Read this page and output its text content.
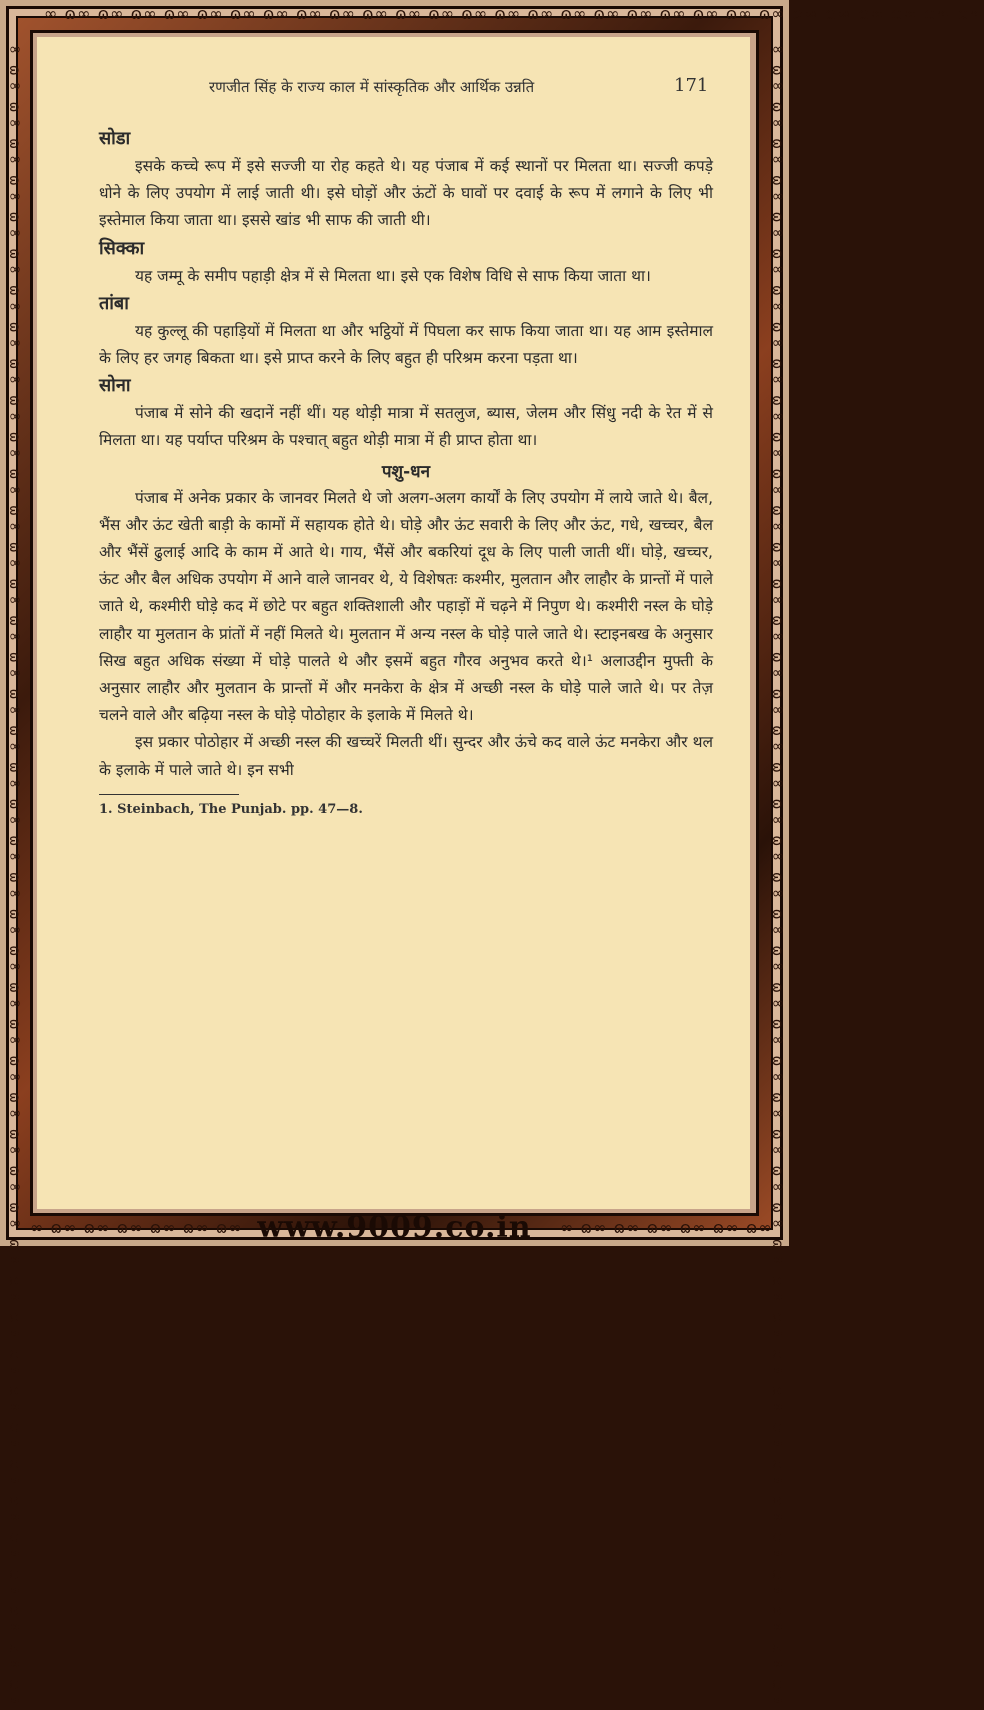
∞ ɷ∞ ɷ∞ ɷ∞ ɷ∞ ɷ∞ ɷ∞ ɷ∞ ɷ∞ ɷ∞ ɷ∞ ɷ∞ ɷ∞ ɷ∞ ɷ∞ ɷ∞ ɷ∞ ɷ∞ ɷ∞ ɷ∞ ɷ∞ ɷ∞ ɷ∞ ɷ∞ ɷ∞ ɷ∞ ɷ∞ ɷ∞ ɷ∞
∞ ɷ∞ ɷ∞ ɷ∞ ɷ∞ ɷ∞ ɷ∞ ɷ∞ ɷ∞ ɷ∞ ɷ∞ ɷ∞ ɷ∞ ɷ∞ ɷ∞ ɷ∞ ɷ∞ ɷ∞ ɷ∞ ɷ∞ ɷ∞ ɷ∞ ɷ∞ ɷ∞ ɷ∞ ɷ∞ ɷ∞ ɷ∞ ɷ∞ ɷ∞ ɷ∞ ɷ∞ ɷ∞ ɷ∞ ɷ∞ ɷ∞ ɷ∞ ɷ∞ ɷ∞ ɷ∞ ɷ∞ ɷ∞ ɷ∞ ɷ∞ ɷ∞ ɷ∞	∞ ɷ∞ ɷ∞ ɷ∞ ɷ∞ ɷ∞ ɷ∞ ɷ∞ ɷ∞ ɷ∞ ɷ∞ ɷ∞ ɷ∞ ɷ∞ ɷ∞ ɷ∞ ɷ∞ ɷ∞ ɷ∞ ɷ∞ ɷ∞ ɷ∞ ɷ∞ ɷ∞ ɷ∞ ɷ∞ ɷ∞ ɷ∞ ɷ∞ ɷ∞ ɷ∞ ɷ∞ ɷ∞ ɷ∞ ɷ∞ ɷ∞ ɷ∞ ɷ∞ ɷ∞ ɷ∞ ɷ∞ ɷ∞ ɷ∞ ɷ∞ ɷ∞ ɷ∞
∞ ɷ∞ ɷ∞ ɷ∞ ɷ∞ ɷ∞ ɷ∞	∞ ɷ∞ ɷ∞ ɷ∞ ɷ∞ ɷ∞ ɷ∞
रणजीत सिंह के राज्य काल में सांस्कृतिक और आर्थिक उन्नति	171

सोडा

इसके कच्चे रूप में इसे सज्जी या रोह कहते थे। यह पंजाब में कई स्थानों पर मिलता था। सज्जी कपड़े धोने के लिए उपयोग में लाई जाती थी। इसे घोड़ों और ऊंटों के घावों पर दवाई के रूप में लगाने के लिए भी इस्तेमाल किया जाता था। इससे खांड भी साफ की जाती थी।

सिक्का

यह जम्मू के समीप पहाड़ी क्षेत्र में से मिलता था। इसे एक विशेष विधि से साफ किया जाता था।

तांबा

यह कुल्लू की पहाड़ियों में मिलता था और भट्ठियों में पिघला कर साफ किया जाता था। यह आम इस्तेमाल के लिए हर जगह बिकता था। इसे प्राप्त करने के लिए बहुत ही परिश्रम करना पड़ता था।

सोना

पंजाब में सोने की खदानें नहीं थीं। यह थोड़ी मात्रा में सतलुज, ब्यास, जेलम और सिंधु नदी के रेत में से मिलता था। यह पर्याप्त परिश्रम के पश्चात् बहुत थोड़ी मात्रा में ही प्राप्त होता था।

पशु-धन

पंजाब में अनेक प्रकार के जानवर मिलते थे जो अलग-अलग कार्यों के लिए उपयोग में लाये जाते थे। बैल, भैंस और ऊंट खेती बाड़ी के कामों में सहायक होते थे। घोड़े और ऊंट सवारी के लिए और ऊंट, गधे, खच्चर, बैल और भैंसें ढुलाई आदि के काम में आते थे। गाय, भैंसें और बकरियां दूध के लिए पाली जाती थीं। घोड़े, खच्चर, ऊंट और बैल अधिक उपयोग में आने वाले जानवर थे, ये विशेषतः कश्मीर, मुलतान और लाहौर के प्रान्तों में पाले जाते थे, कश्मीरी घोड़े कद में छोटे पर बहुत शक्तिशाली और पहाड़ों में चढ़ने में निपुण थे। कश्मीरी नस्ल के घोड़े लाहौर या मुलतान के प्रांतों में नहीं मिलते थे। मुलतान में अन्य नस्ल के घोड़े पाले जाते थे। स्टाइनबख के अनुसार सिख बहुत अधिक संख्या में घोड़े पालते थे और इसमें बहुत गौरव अनुभव करते थे।¹ अलाउद्दीन मुफ्ती के अनुसार लाहौर और मुलतान के प्रान्तों में और मनकेरा के क्षेत्र में अच्छी नस्ल के घोड़े पाले जाते थे। पर तेज़ चलने वाले और बढ़िया नस्ल के घोड़े पोठोहार के इलाके में मिलते थे।

इस प्रकार पोठोहार में अच्छी नस्ल की खच्चरें मिलती थीं। सुन्दर और ऊंचे कद वाले ऊंट मनकेरा और थल के इलाके में पाले जाते थे। इन सभी

1. Steinbach, The Punjab. pp. 47—8.
www.9009.co.in
